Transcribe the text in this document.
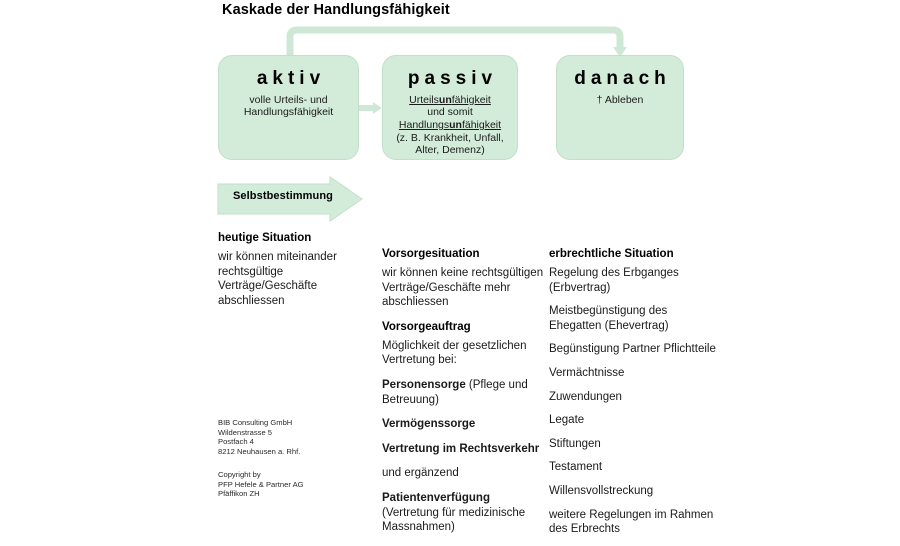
Kaskade der Handlungsfähigkeit
aktiv
volle Urteils- und
Handlungsfähigkeit
passiv
Urteilsunfähigkeit
und somit
Handlungsunfähigkeit
(z. B. Krankheit, Unfall,
Alter, Demenz)
danach
† Ableben
Selbstbestimmung
heutige Situation

wir können miteinander rechtsgültige Verträge/Geschäfte abschliessen

Vorsorgesituation

wir können keine rechtsgültigen Verträge/Geschäfte mehr abschliessen

Vorsorgeauftrag

Möglichkeit der gesetzlichen Vertretung bei:

Personensorge (Pflege und Betreuung)

Vermögenssorge

Vertretung im Rechtsverkehr

und ergänzend

Patientenverfügung
(Vertretung für medizinische Massnahmen)

erbrechtliche Situation

Regelung des Erbganges (Erbvertrag)

Meistbegünstigung des Ehegatten (Ehevertrag)

Begünstigung Partner Pflichtteile

Vermächtnisse

Zuwendungen

Legate

Stiftungen

Testament

Willensvollstreckung

weitere Regelungen im Rahmen des Erbrechts

BIB Consulting GmbH
Wildenstrasse 5
Postfach 4
8212 Neuhausen a. Rhf.
Copyright by
PFP Hefele & Partner AG
Pfäffikon ZH
